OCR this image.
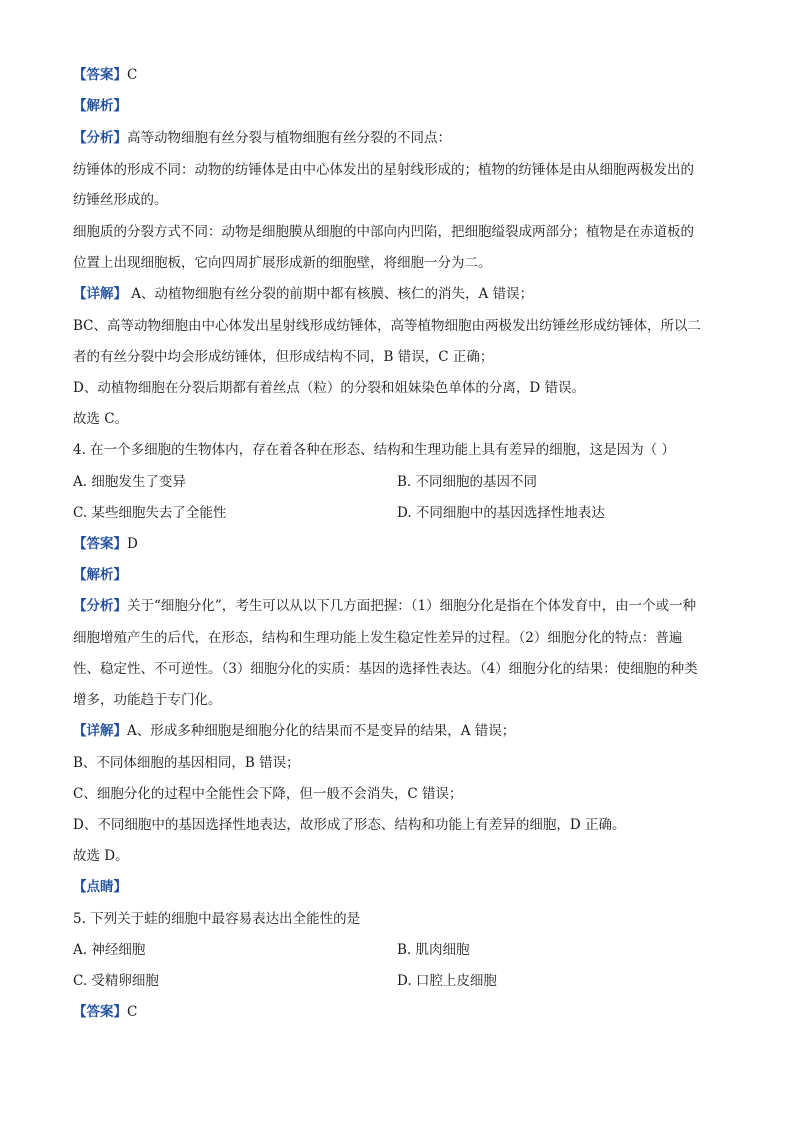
【答案】C
【解析】
【分析】高等动物细胞有丝分裂与植物细胞有丝分裂的不同点：
纺锤体的形成不同：动物的纺锤体是由中心体发出的星射线形成的；植物的纺锤体是由从细胞两极发出的
纺锤丝形成的。
细胞质的分裂方式不同：动物是细胞膜从细胞的中部向内凹陷，把细胞缢裂成两部分；植物是在赤道板的
位置上出现细胞板，它向四周扩展形成新的细胞壁，将细胞一分为二。
【详解】 A、动植物细胞有丝分裂的前期中都有核膜、核仁的消失，A 错误；
BC、高等动物细胞由中心体发出星射线形成纺锤体，高等植物细胞由两极发出纺锤丝形成纺锤体，所以二
者的有丝分裂中均会形成纺锤体，但形成结构不同，B 错误，C 正确；
D、动植物细胞在分裂后期都有着丝点（粒）的分裂和姐妹染色单体的分离，D 错误。
故选 C。
4. 在一个多细胞的生物体内，存在着各种在形态、结构和生理功能上具有差异的细胞，这是因为（ ）
A. 细胞发生了变异	B. 不同细胞的基因不同
C. 某些细胞失去了全能性	D. 不同细胞中的基因选择性地表达
【答案】D
【解析】
【分析】关于“细胞分化”，考生可以从以下几方面把握：（1）细胞分化是指在个体发育中，由一个或一种
细胞增殖产生的后代，在形态，结构和生理功能上发生稳定性差异的过程。（2）细胞分化的特点：普遍
性、稳定性、不可逆性。（3）细胞分化的实质：基因的选择性表达。（4）细胞分化的结果：使细胞的种类
增多，功能趋于专门化。
【详解】A、形成多种细胞是细胞分化的结果而不是变异的结果，A 错误；
B、不同体细胞的基因相同，B 错误；
C、细胞分化的过程中全能性会下降，但一般不会消失，C 错误；
D、不同细胞中的基因选择性地表达，故形成了形态、结构和功能上有差异的细胞，D 正确。
故选 D。
【点睛】
5. 下列关于蛙的细胞中最容易表达出全能性的是
A. 神经细胞	B. 肌肉细胞
C. 受精卵细胞	D. 口腔上皮细胞
【答案】C
